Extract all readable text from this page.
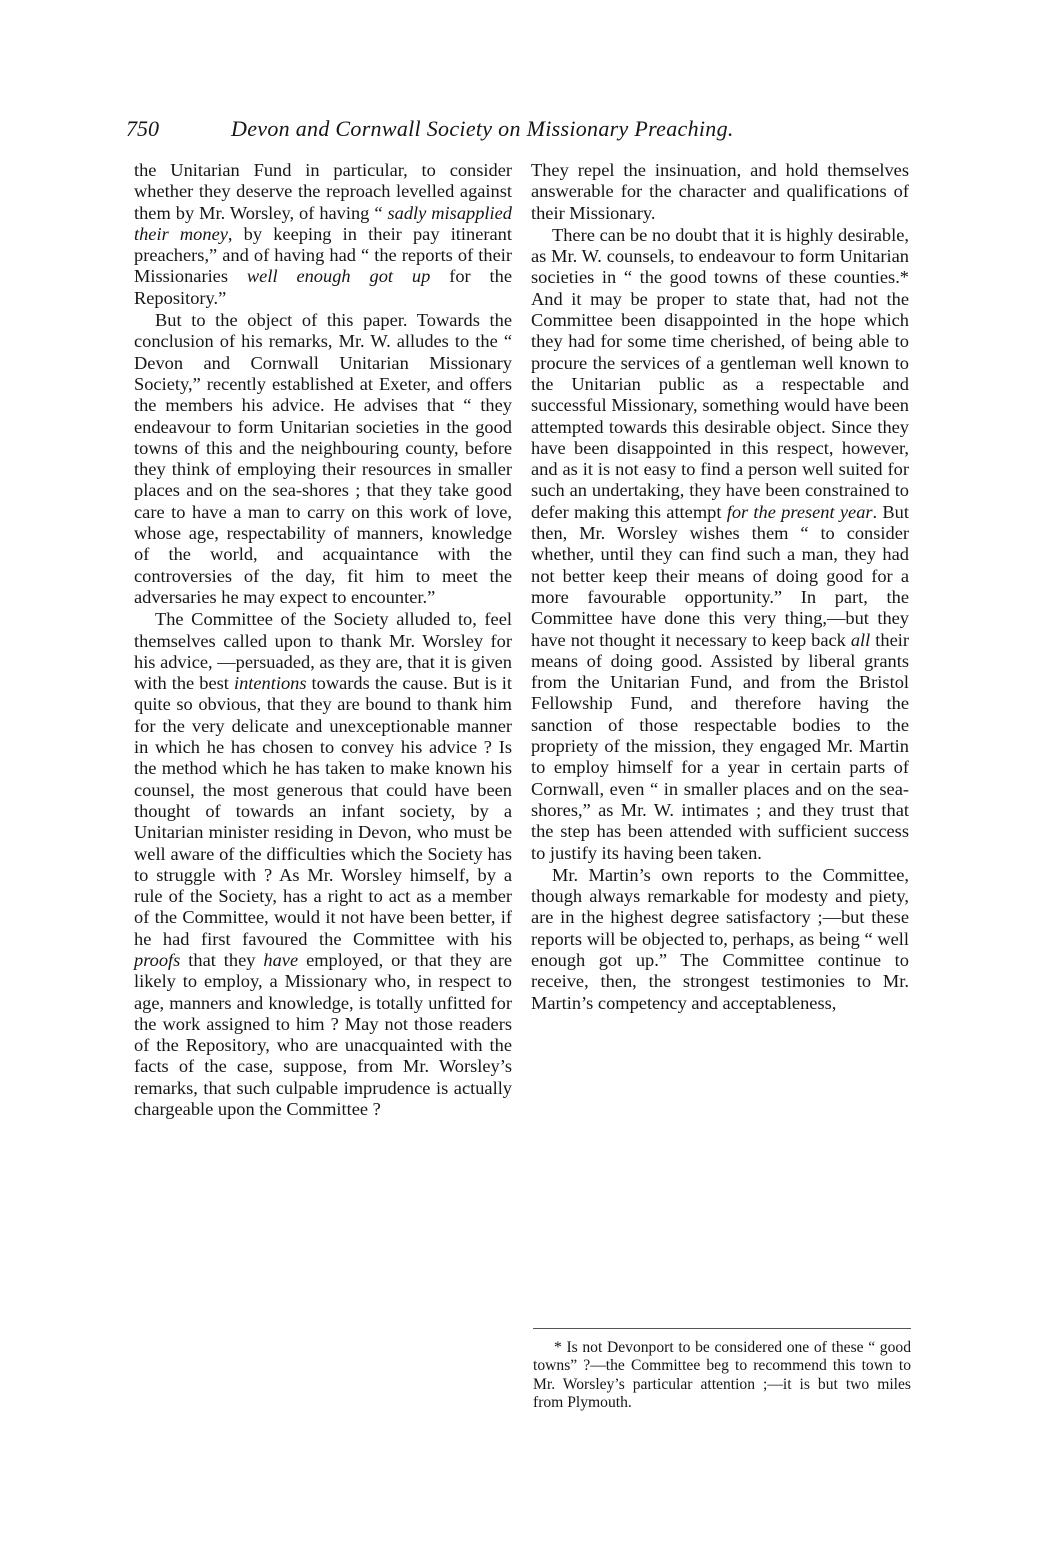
750	Devon and Cornwall Society on Missionary Preaching.

the Unitarian Fund in particular, to consider whether they deserve the reproach levelled against them by Mr. Worsley, of having “ sadly misapplied their money, by keeping in their pay itinerant preachers,” and of having had “ the reports of their Missionaries well enough got up for the Repository.”

But to the object of this paper. Towards the conclusion of his remarks, Mr. W. alludes to the “ Devon and Cornwall Unitarian Missionary Society,” recently established at Exeter, and offers the members his advice. He advises that “ they endeavour to form Unitarian societies in the good towns of this and the neighbouring county, before they think of employing their resources in smaller places and on the sea-shores ; that they take good care to have a man to carry on this work of love, whose age, respectability of manners, knowledge of the world, and acquaintance with the controversies of the day, fit him to meet the adversaries he may expect to encounter.”

The Committee of the Society alluded to, feel themselves called upon to thank Mr. Worsley for his advice, —persuaded, as they are, that it is given with the best intentions towards the cause. But is it quite so obvious, that they are bound to thank him for the very delicate and unexceptionable manner in which he has chosen to convey his advice ? Is the method which he has taken to make known his counsel, the most generous that could have been thought of towards an infant society, by a Unitarian minister residing in Devon, who must be well aware of the difficulties which the Society has to struggle with ? As Mr. Worsley himself, by a rule of the Society, has a right to act as a member of the Committee, would it not have been better, if he had first favoured the Committee with his proofs that they have employed, or that they are likely to employ, a Missionary who, in respect to age, manners and knowledge, is totally unfitted for the work assigned to him ? May not those readers of the Repository, who are unacquainted with the facts of the case, suppose, from Mr. Worsley’s remarks, that such culpable imprudence is actually chargeable upon the Committee ?

They repel the insinuation, and hold themselves answerable for the character and qualifications of their Missionary.

There can be no doubt that it is highly desirable, as Mr. W. counsels, to endeavour to form Unitarian societies in “ the good towns of these counties.* And it may be proper to state that, had not the Committee been disappointed in the hope which they had for some time cherished, of being able to procure the services of a gentleman well known to the Unitarian public as a respectable and successful Missionary, something would have been attempted towards this desirable object. Since they have been disappointed in this respect, however, and as it is not easy to find a person well suited for such an undertaking, they have been constrained to defer making this attempt for the present year. But then, Mr. Worsley wishes them “ to consider whether, until they can find such a man, they had not better keep their means of doing good for a more favourable opportunity.” In part, the Committee have done this very thing,—but they have not thought it necessary to keep back all their means of doing good. Assisted by liberal grants from the Unitarian Fund, and from the Bristol Fellowship Fund, and therefore having the sanction of those respectable bodies to the propriety of the mission, they engaged Mr. Martin to employ himself for a year in certain parts of Cornwall, even “ in smaller places and on the sea-shores,” as Mr. W. intimates ; and they trust that the step has been attended with sufficient success to justify its having been taken.

Mr. Martin’s own reports to the Committee, though always remarkable for modesty and piety, are in the highest degree satisfactory ;—but these reports will be objected to, perhaps, as being “ well enough got up.” The Committee continue to receive, then, the strongest testimonies to Mr. Martin’s competency and acceptableness,

* Is not Devonport to be considered one of these “ good towns” ?—the Committee beg to recommend this town to Mr. Worsley’s particular attention ;—it is but two miles from Plymouth.
